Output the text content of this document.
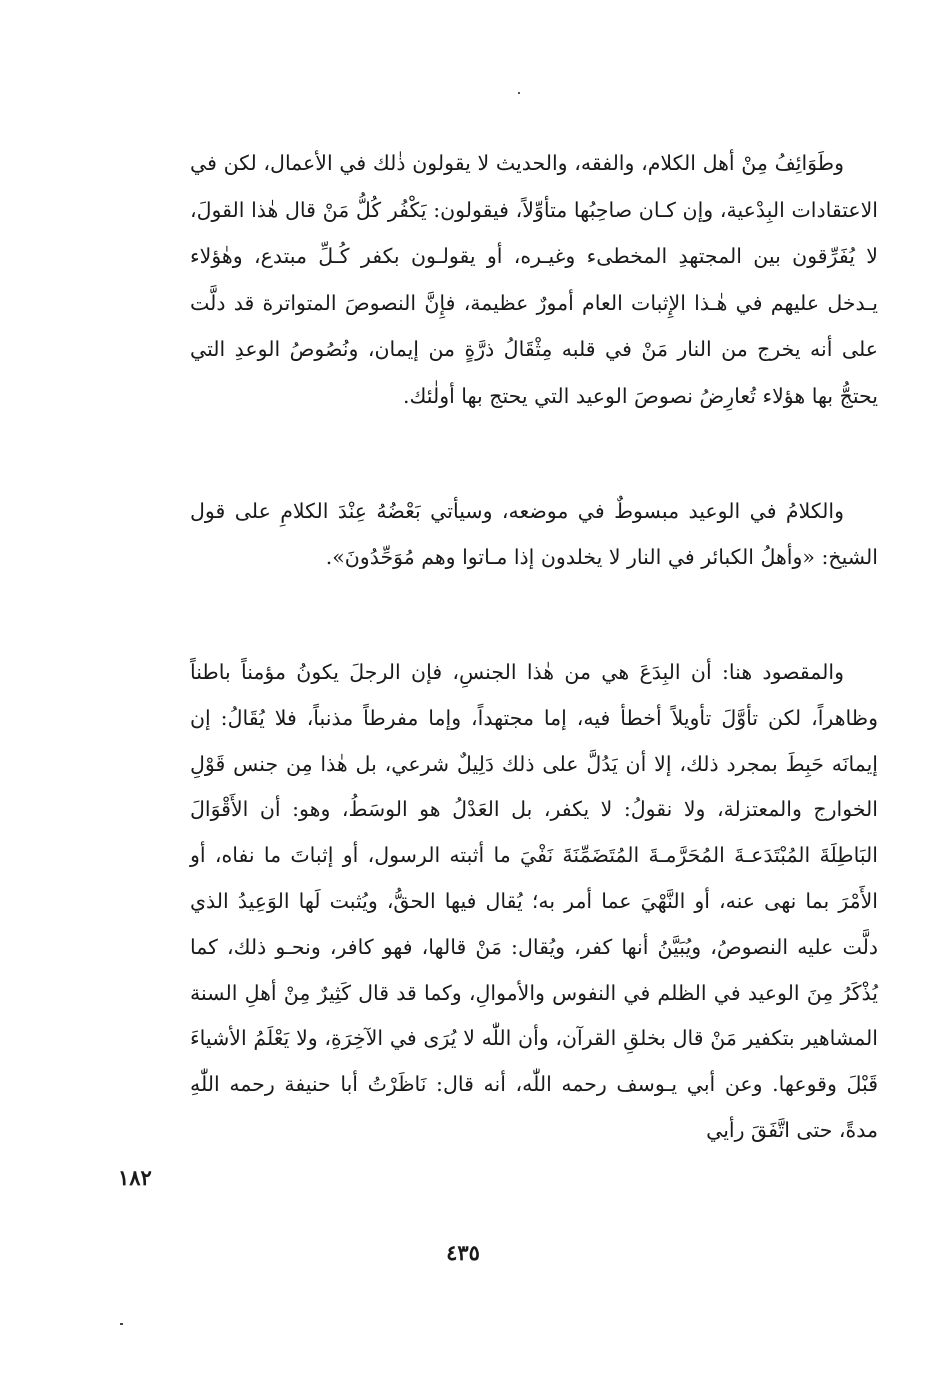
وطَوَائِفُ مِنْ أهل الكلام، والفقه، والحديث لا يقولون ذٰلك في الأعمال، لكن في الاعتقادات البِدْعية، وإن كـان صاحِبُها متأوِّلاً، فيقولون: يَكْفُر كُلُّ مَنْ قال هٰذا القولَ، لا يُفَرِّقون بين المجتهدِ المخطىء وغيـره، أو يقولـون بكفر كُـلِّ مبتدع، وهٰؤلاء يـدخل عليهم في هٰـذا الإِثبات العام أمورٌ عظيمة، فإِنَّ النصوصَ المتواترة قد دلَّت على أنه يخرج من النار مَنْ في قلبه مِثْقَالُ ذرَّةٍ من إيمان، ونُصُوصُ الوعدِ التي يحتجُّ بها هؤلاء تُعارِضُ نصوصَ الوعيد التي يحتج بها أولٰئك.

والكلامُ في الوعيد مبسوطٌ في موضعه، وسيأتي بَعْضُهُ عِنْدَ الكلامِ على قول الشيخ: «وأهلُ الكبائر في النار لا يخلدون إذا مـاتوا وهم مُوَحِّدُونَ».

والمقصود هنا: أن البِدَعَ هي من هٰذا الجنسِ، فإن الرجلَ يكونُ مؤمناً باطناً وظاهراً، لكن تأوَّلَ تأويلاً أخطأ فيه، إما مجتهداً، وإما مفرطاً مذنباً، فلا يُقَالُ: إن إيمانَه حَبِطَ بمجرد ذلك، إلا أن يَدُلَّ على ذلك دَلِيلٌ شرعي، بل هٰذا مِن جنس قَوْلِ الخوارج والمعتزلة، ولا نقولُ: لا يكفر، بل العَدْلُ هو الوسَطُ، وهو: أن الأَقْوَالَ البَاطِلَةَ المُبْتَدَعـةَ المُحَرَّمـةَ المُتَضَمِّنَةَ نَفْيَ ما أثبته الرسول، أو إثباتَ ما نفاه، أو الأَمْرَ بما نهى عنه، أو النَّهْيَ عما أمر به؛ يُقال فيها الحقُّ، ويُثبت لَها الوَعِيدُ الذي دلَّت عليه النصوصُ، ويُبَيَّنُ أنها كفر، ويُقال: مَنْ قالها، فهو كافر، ونحـو ذلك، كما يُذْكَرُ مِنَ الوعيد في الظلم في النفوس والأموالِ، وكما قد قال كَثِيرٌ مِنْ أهلِ السنة المشاهير بتكفير مَنْ قال بخلقِ القرآن، وأن اللّٰه لا يُرَى في الآخِرَةِ، ولا يَعْلَمُ الأشياءَ قَبْلَ وقوعها. وعن أبي يـوسف رحمه اللّٰه، أنه قال: نَاظَرْتُ أبا حنيفة رحمه اللّٰهِ مدةً، حتى اتَّفَقَ رأيي

١٨٢
٤٣٥
